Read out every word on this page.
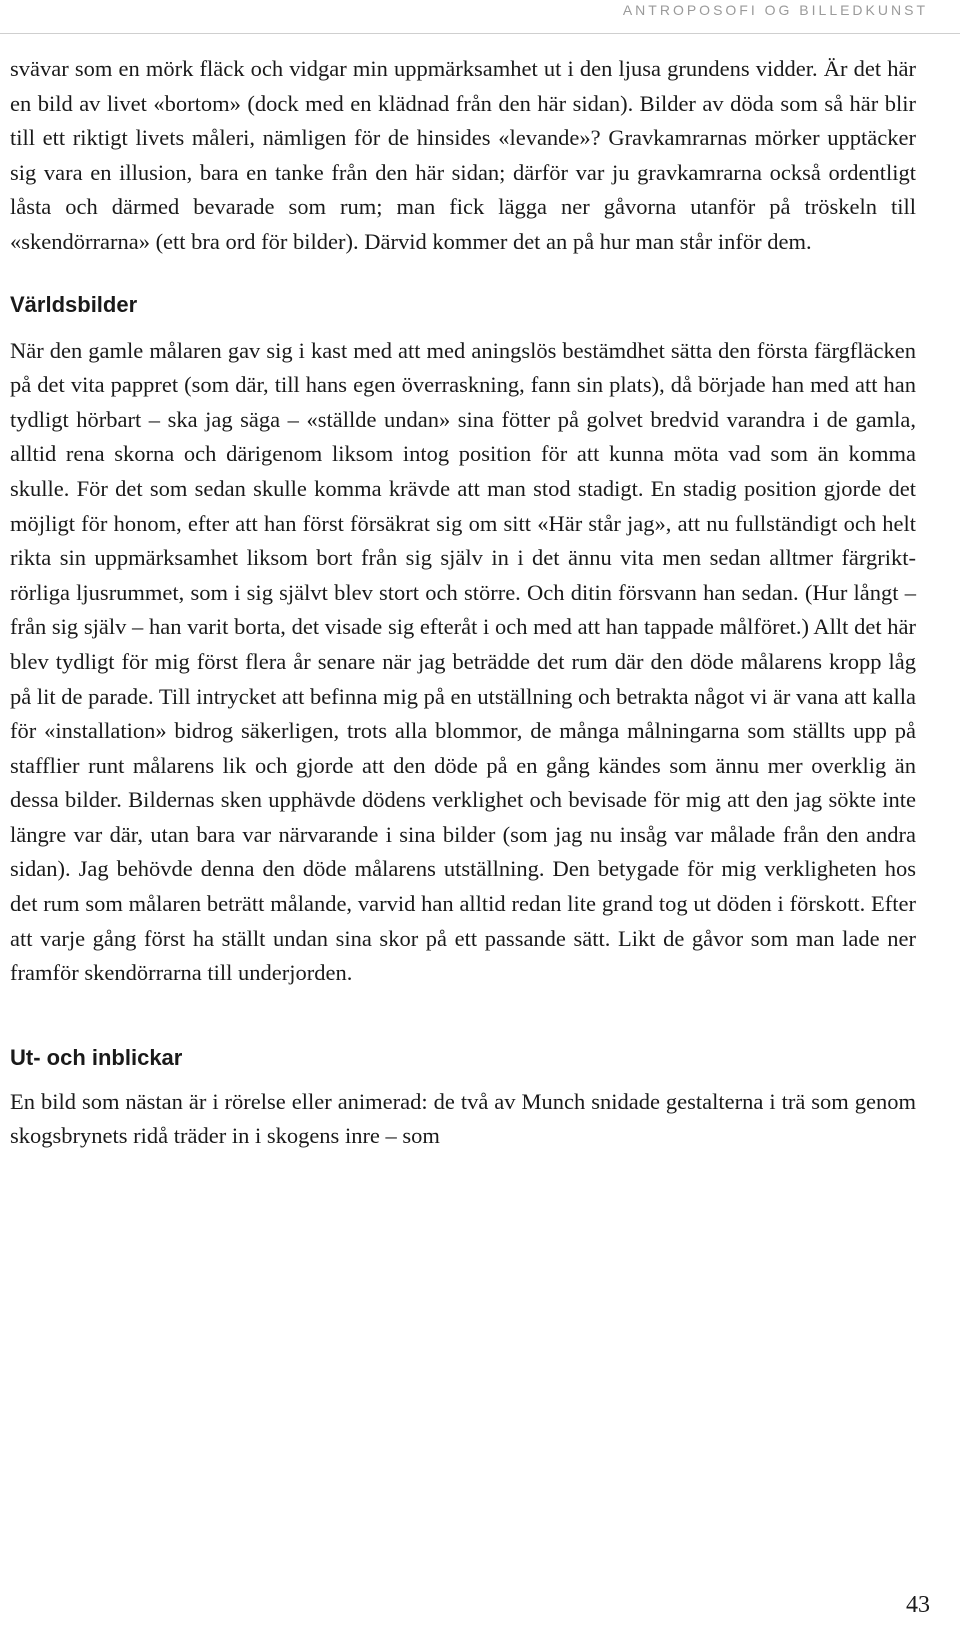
ANTROPOSOFI OG BILLEDKUNST

svävar som en mörk fläck och vidgar min uppmärksamhet ut i den ljusa grundens vidder. Är det här en bild av livet «bortom» (dock med en klädnad från den här sidan). Bilder av döda som så här blir till ett riktigt livets måleri, nämligen för de hinsides «levande»? Gravkamrarnas mörker upptäcker sig vara en illusion, bara en tanke från den här sidan; därför var ju gravkamrarna också ordentligt låsta och därmed bevarade som rum; man fick lägga ner gåvorna utanför på tröskeln till «skendörrarna» (ett bra ord för bilder). Därvid kommer det an på hur man står inför dem.

Världsbilder

När den gamle målaren gav sig i kast med att med aningslös bestämdhet sätta den första färgfläcken på det vita pappret (som där, till hans egen överraskning, fann sin plats), då började han med att han tydligt hörbart – ska jag säga – «ställde undan» sina fötter på golvet bredvid varandra i de gamla, alltid rena skorna och därigenom liksom intog position för att kunna möta vad som än komma skulle. För det som sedan skulle komma krävde att man stod stadigt. En stadig position gjorde det möjligt för honom, efter att han först försäkrat sig om sitt «Här står jag», att nu fullständigt och helt rikta sin uppmärksamhet liksom bort från sig själv in i det ännu vita men sedan alltmer färgrikt-rörliga ljusrummet, som i sig självt blev stort och större. Och ditin försvann han sedan. (Hur långt – från sig själv – han varit borta, det visade sig efteråt i och med att han tappade målföret.) Allt det här blev tydligt för mig först flera år senare när jag beträdde det rum där den döde målarens kropp låg på lit de parade. Till intrycket att befinna mig på en utställning och betrakta något vi är vana att kalla för «installation» bidrog säkerligen, trots alla blommor, de många målningarna som ställts upp på stafflier runt målarens lik och gjorde att den döde på en gång kändes som ännu mer overklig än dessa bilder. Bildernas sken upphävde dödens verklighet och bevisade för mig att den jag sökte inte längre var där, utan bara var närvarande i sina bilder (som jag nu insåg var målade från den andra sidan). Jag behövde denna den döde målarens utställning. Den betygade för mig verkligheten hos det rum som målaren beträtt målande, varvid han alltid redan lite grand tog ut döden i förskott. Efter att varje gång först ha ställt undan sina skor på ett passande sätt. Likt de gåvor som man lade ner framför skendörrarna till underjorden.

Ut- och inblickar

En bild som nästan är i rörelse eller animerad: de två av Munch snidade gestalterna i trä som genom skogsbrynets ridå träder in i skogens inre – som

43
